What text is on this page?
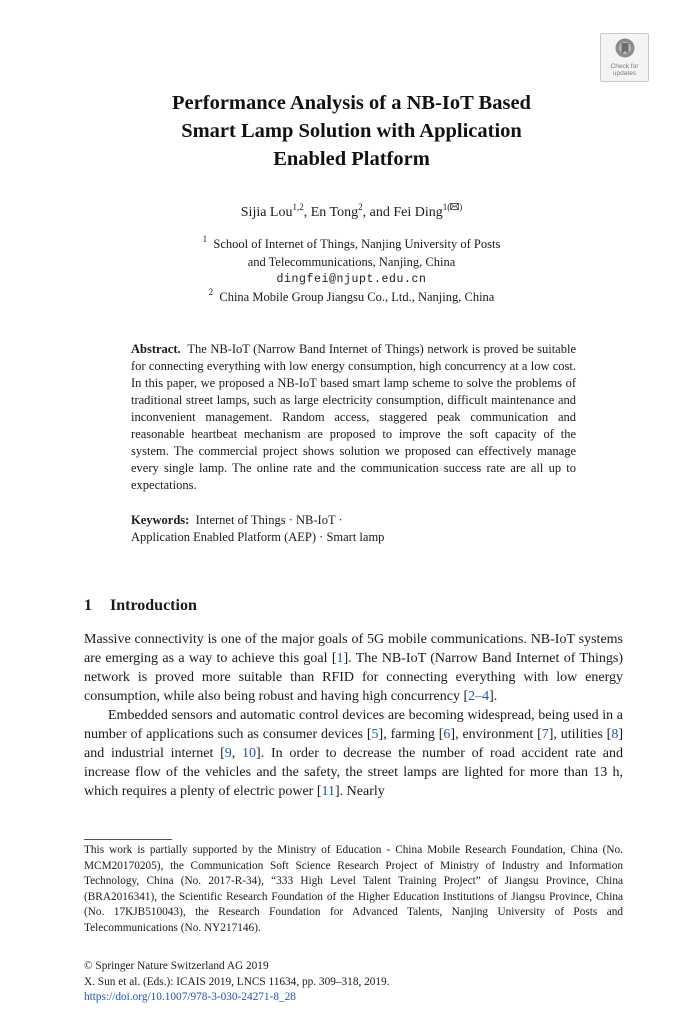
Check for
updates
Performance Analysis of a NB-IoT Based
Smart Lamp Solution with Application
Enabled Platform
Sijia Lou$^{1,2}$, En Tong$^2$, and Fei Ding$^{1( )}$
$^1$ School of Internet of Things, Nanjing University of Posts
and Telecommunications, Nanjing, China
dingfei@njupt.edu.cn
$^2$ China Mobile Group Jiangsu Co., Ltd., Nanjing, China
Abstract. The NB-IoT (Narrow Band Internet of Things) network is proved be suitable for connecting everything with low energy consumption, high concurrency at a low cost. In this paper, we proposed a NB-IoT based smart lamp scheme to solve the problems of traditional street lamps, such as large electricity consumption, difficult maintenance and inconvenient management. Random access, staggered peak communication and reasonable heartbeat mechanism are proposed to improve the soft capacity of the system. The commercial project shows solution we proposed can effectively manage every single lamp. The online rate and the communication success rate are all up to expectations.
Keywords: Internet of Things · NB-IoT ·
Application Enabled Platform (AEP) · Smart lamp
1 Introduction

Massive connectivity is one of the major goals of 5G mobile communications. NB-IoT systems are emerging as a way to achieve this goal [1]. The NB-IoT (Narrow Band Internet of Things) network is proved more suitable than RFID for connecting everything with low energy consumption, while also being robust and having high concurrency [2–4].

Embedded sensors and automatic control devices are becoming widespread, being used in a number of applications such as consumer devices [5], farming [6], environment [7], utilities [8] and industrial internet [9, 10]. In order to decrease the number of road accident rate and increase flow of the vehicles and the safety, the street lamps are lighted for more than 13 h, which requires a plenty of electric power [11]. Nearly

This work is partially supported by the Ministry of Education - China Mobile Research Foundation, China (No. MCM20170205), the Communication Soft Science Research Project of Ministry of Industry and Information Technology, China (No. 2017-R-34), “333 High Level Talent Training Project” of Jiangsu Province, China (BRA2016341), the Scientific Research Foundation of the Higher Education Institutions of Jiangsu Province, China (No. 17KJB510043), the Research Foundation for Advanced Talents, Nanjing University of Posts and Telecommunications (No. NY217146).
© Springer Nature Switzerland AG 2019
X. Sun et al. (Eds.): ICAIS 2019, LNCS 11634, pp. 309–318, 2019.
https://doi.org/10.1007/978-3-030-24271-8_28
